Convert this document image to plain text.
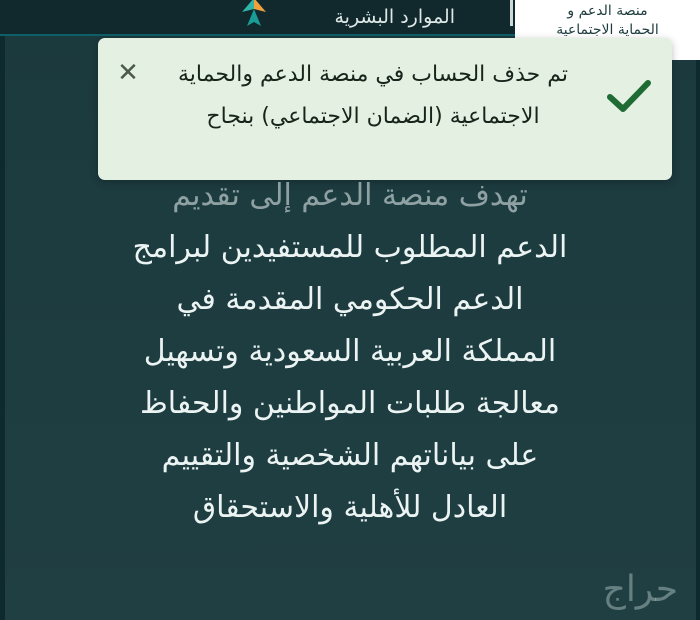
الموارد البشرية	منصة الدعم و
الحماية الاجتماعية
تم حذف الحساب في منصة الدعم والحماية الاجتماعية (الضمان الاجتماعي) بنجاح
✕
تهدف منصة الدعم إلى تقديم
الدعم المطلوب للمستفيدين لبرامج
الدعم الحكومي المقدمة في
المملكة العربية السعودية وتسهيل
معالجة طلبات المواطنين والحفاظ
على بياناتهم الشخصية والتقييم
العادل للأهلية والاستحقاق
حراج
